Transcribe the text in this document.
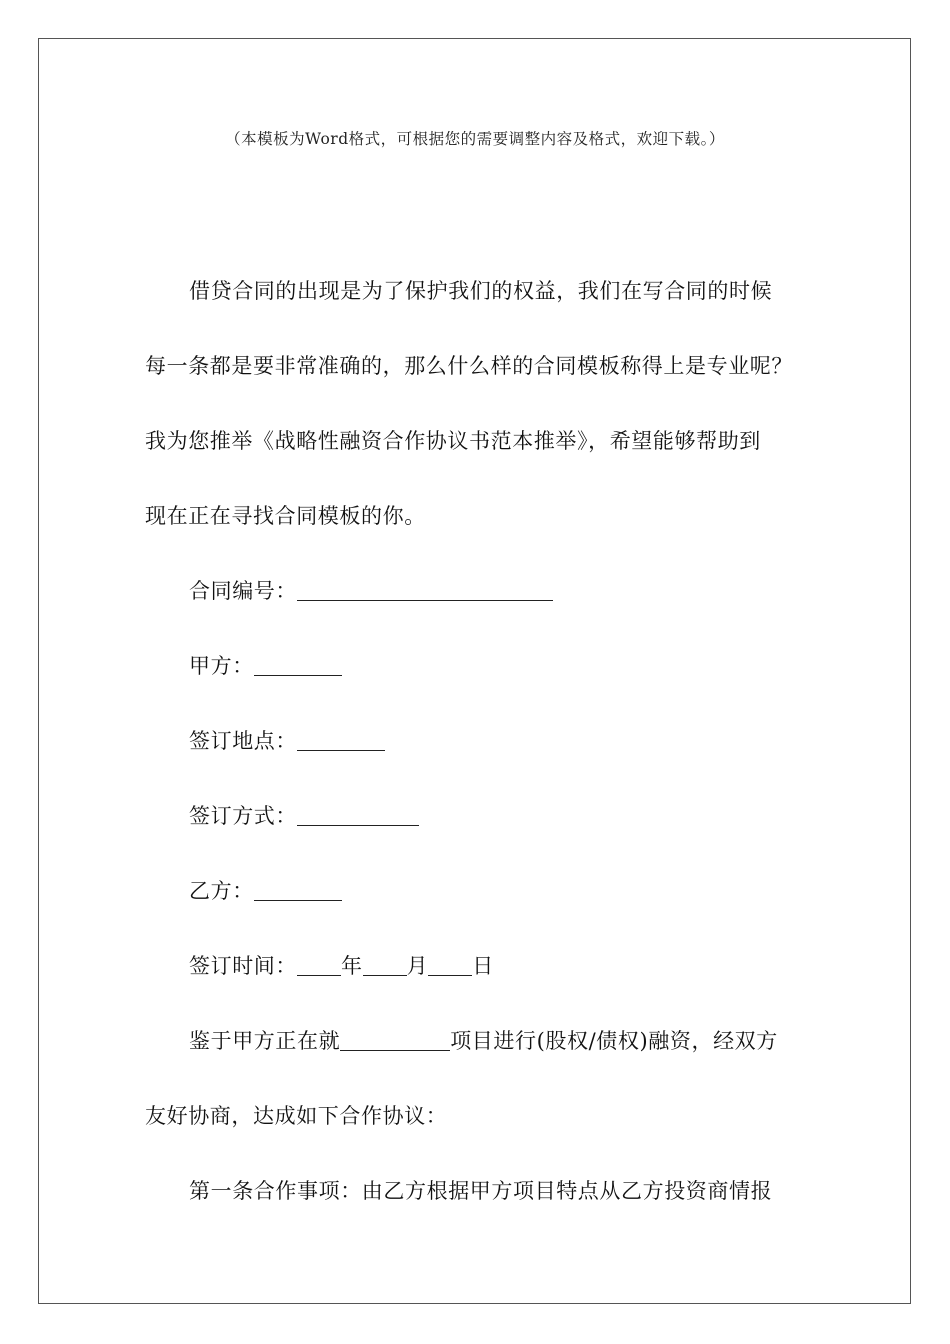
（本模板为Word格式，可根据您的需要调整内容及格式，欢迎下载。）
借贷合同的出现是为了保护我们的权益，我们在写合同的时候
每一条都是要非常准确的，那么什么样的合同模板称得上是专业呢？
我为您推举《战略性融资合作协议书范本推举》，希望能够帮助到
现在正在寻找合同模板的你。
合同编号：
甲方：
签订地点：
签订方式：
乙方：
签订时间： 年 月 日
鉴于甲方正在就	项目进行(股权/债权)融资，经双方
友好协商，达成如下合作协议：
第一条合作事项：由乙方根据甲方项目特点从乙方投资商情报
